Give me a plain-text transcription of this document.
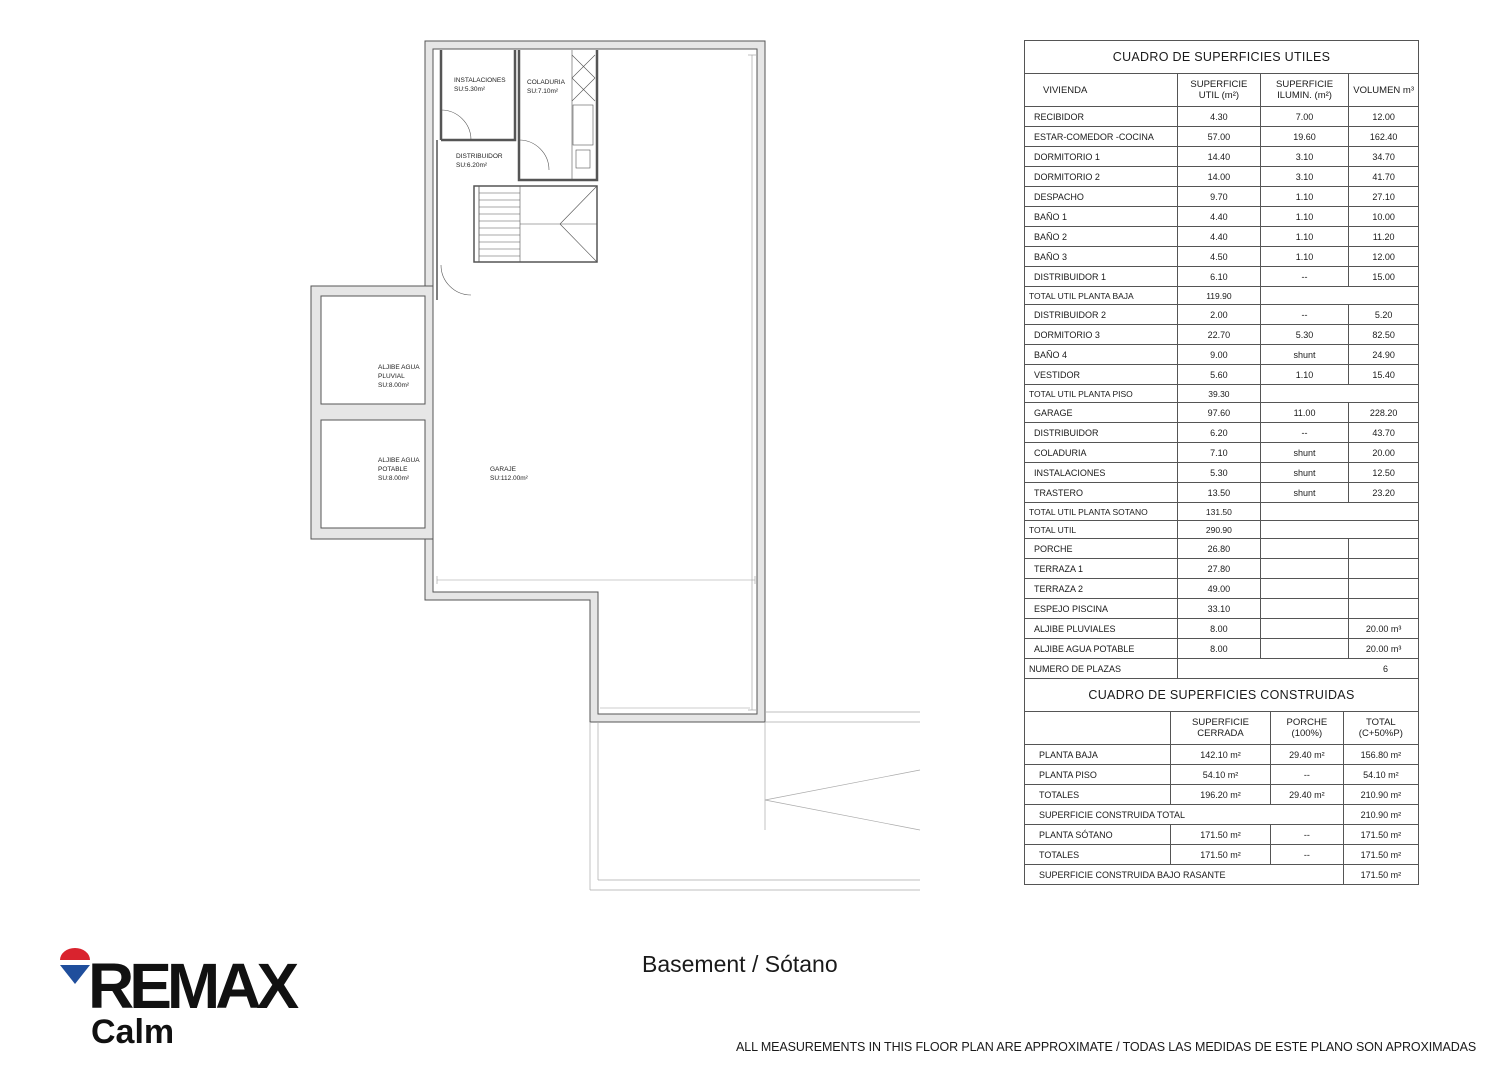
INSTALACIONES
SU:5.30m²
COLADURIA
SU:7.10m²
DISTRIBUIDOR
SU:6.20m²
ALJIBE AGUA
PLUVIAL
SU:8.00m²
ALJIBE AGUA
POTABLE
SU:8.00m²
GARAJE
SU:112.00m²
CUADRO DE SUPERFICIES UTILES			
VIVIENDA	SUPERFICIE UTIL (m²)	SUPERFICIE ILUMIN. (m²)	VOLUMEN m³
RECIBIDOR	4.30	7.00	12.00
ESTAR-COMEDOR -COCINA	57.00	19.60	162.40
DORMITORIO 1	14.40	3.10	34.70
DORMITORIO 2	14.00	3.10	41.70
DESPACHO	9.70	1.10	27.10
BAÑO 1	4.40	1.10	10.00
BAÑO 2	4.40	1.10	11.20
BAÑO 3	4.50	1.10	12.00
DISTRIBUIDOR 1	6.10	--	15.00
TOTAL UTIL PLANTA BAJA	119.90		
DISTRIBUIDOR 2	2.00	--	5.20
DORMITORIO 3	22.70	5.30	82.50
BAÑO 4	9.00	shunt	24.90
VESTIDOR	5.60	1.10	15.40
TOTAL UTIL PLANTA PISO	39.30		
GARAGE	97.60	11.00	228.20
DISTRIBUIDOR	6.20	--	43.70
COLADURIA	7.10	shunt	20.00
INSTALACIONES	5.30	shunt	12.50
TRASTERO	13.50	shunt	23.20
TOTAL UTIL PLANTA SOTANO	131.50		
TOTAL UTIL	290.90		
PORCHE	26.80		
TERRAZA 1	27.80		
TERRAZA 2	49.00		
ESPEJO PISCINA	33.10		
ALJIBE PLUVIALES	8.00		20.00 m³
ALJIBE AGUA POTABLE	8.00		20.00 m³
NUMERO DE PLAZAS	6		
CUADRO DE SUPERFICIES CONSTRUIDAS			
	SUPERFICIE CERRADA	PORCHE (100%)	TOTAL (C+50%P)
PLANTA BAJA	142.10 m²	29.40 m²	156.80 m²
PLANTA PISO	54.10 m²	--	54.10 m²
TOTALES	196.20 m²	29.40 m²	210.90 m²
SUPERFICIE CONSTRUIDA TOTAL			210.90 m²
PLANTA SÓTANO	171.50 m²	--	171.50 m²
TOTALES	171.50 m²	--	171.50 m²
SUPERFICIE CONSTRUIDA BAJO RASANTE			171.50 m²
Basement / Sótano
ALL MEASUREMENTS IN THIS FLOOR PLAN ARE APPROXIMATE / TODAS LAS MEDIDAS DE ESTE PLANO SON APROXIMADAS
REMAX
Calm
